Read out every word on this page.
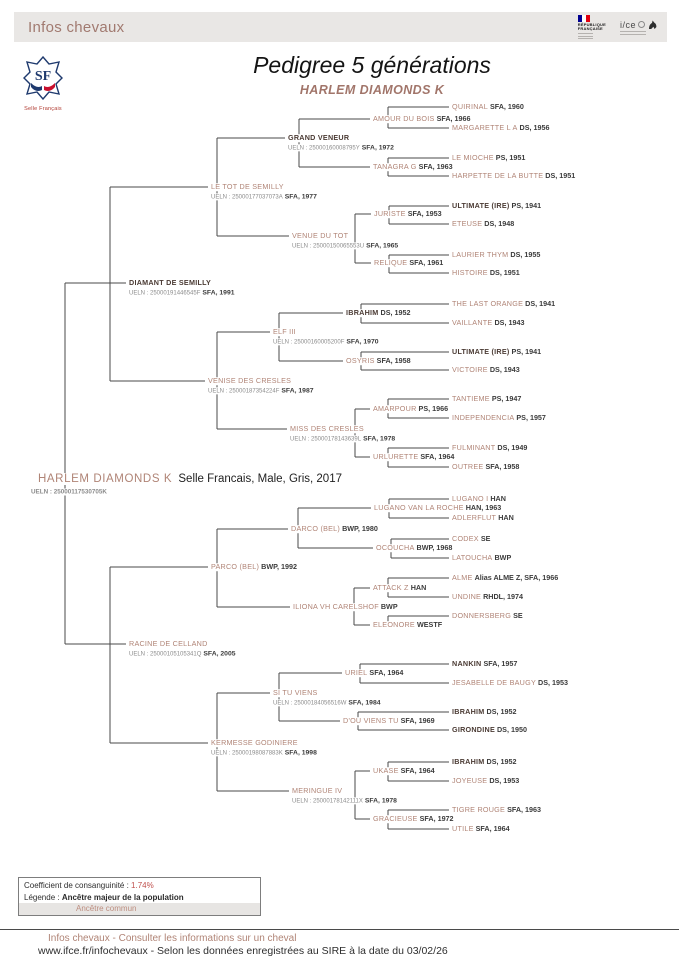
Infos chevaux	RÉPUBLIQUE
FRANÇAISE	i/ce
SF
Selle Français
Pedigree 5 générations
HARLEM DIAMONDS K
DIAMANT DE SEMILLY
UELN : 25000191446545F SFA, 1991
RACINE DE CELLAND
UELN : 25000105105341Q SFA, 2005
LE TOT DE SEMILLY
UELN : 25000177037073A SFA, 1977
VENISE DES CRESLES
UELN : 25000187354224F SFA, 1987
PARCO (BEL) BWP, 1992
KERMESSE GODINIERE
UELN : 25000198087883K SFA, 1998
GRAND VENEUR
UELN : 25000160008795Y SFA, 1972
VENUE DU TOT
UELN : 25000150065553U SFA, 1965
ELF III
UELN : 25000160005200F SFA, 1970
MISS DES CRESLES
UELN : 25000178143639L SFA, 1978
DARCO (BEL) BWP, 1980
ILIONA VH CARELSHOF BWP
SI TU VIENS
UELN : 25000184056516W SFA, 1984
MERINGUE IV
UELN : 25000178142111X SFA, 1978
AMOUR DU BOIS SFA, 1966
TANAGRA G SFA, 1963
JURISTE SFA, 1953
RELIQUE SFA, 1961
IBRAHIM DS, 1952
OSYRIS SFA, 1958
AMARPOUR PS, 1966
URLURETTE SFA, 1964
LUGANO VAN LA ROCHE HAN, 1963
OCOUCHA BWP, 1968
ATTACK Z HAN
ELEONORE WESTF
URIEL SFA, 1964
D'OU VIENS TU SFA, 1969
UKASE SFA, 1964
GRACIEUSE SFA, 1972
QUIRINAL SFA, 1960
MARGARETTE L A DS, 1956
LE MIOCHE PS, 1951
HARPETTE DE LA BUTTE DS, 1951
ULTIMATE (IRE) PS, 1941
ETEUSE DS, 1948
LAURIER THYM DS, 1955
HISTOIRE DS, 1951
THE LAST ORANGE DS, 1941
VAILLANTE DS, 1943
ULTIMATE (IRE) PS, 1941
VICTOIRE DS, 1943
TANTIEME PS, 1947
INDEPENDENCIA PS, 1957
FULMINANT DS, 1949
OUTREE SFA, 1958
LUGANO I HAN
ADLERFLUT HAN
CODEX SE
LATOUCHA BWP
ALME Alias ALME Z, SFA, 1966
UNDINE RHDL, 1974
DONNERSBERG SE
NANKIN SFA, 1957
JESABELLE DE BAUGY DS, 1953
IBRAHIM DS, 1952
GIRONDINE DS, 1950
IBRAHIM DS, 1952
JOYEUSE DS, 1953
TIGRE ROUGE SFA, 1963
UTILE SFA, 1964
HARLEM DIAMONDS K Selle Francais, Male, Gris, 2017
UELN : 25000117530705K
Coefficient de consanguinité : 1.74%
Légende : Ancêtre majeur de la population
Ancêtre commun
Infos chevaux - Consulter les informations sur un cheval
www.ifce.fr/infochevaux - Selon les données enregistrées au SIRE à la date du 03/02/26
